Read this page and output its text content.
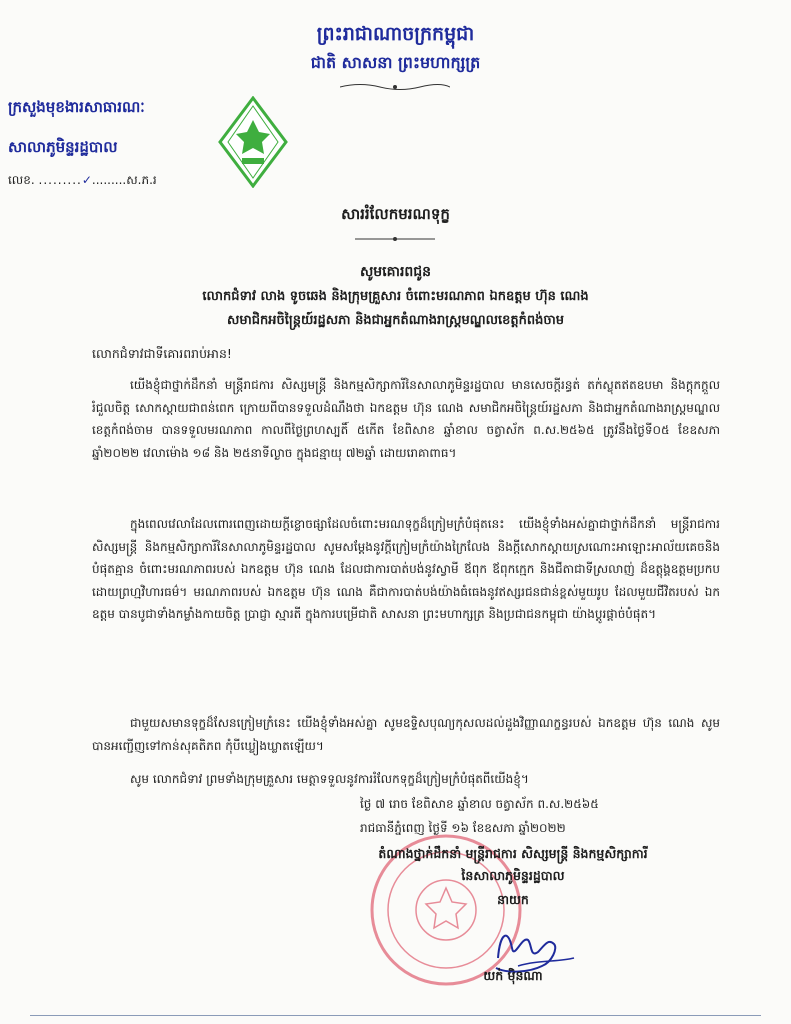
ព្រះរាជាណាចក្រកម្ពុជា
ជាតិ សាសនា ព្រះមហាក្សត្រ
ក្រសួងមុខងារសាធារណៈ
សាលាភូមិន្ទរដ្ឋបាល
លេខ. .........✓.........ស.ភ.រ
សាររំលែកមរណទុក្ខ
សូមគោរពជូន
លោកជំទាវ លាង ទូចឆេង និងក្រុមគ្រួសារ ចំពោះមរណភាព ឯកឧត្តម ហ៊ុន ណេង
សមាជិកអចិន្ត្រៃយ៍រដ្ឋសភា និងជាអ្នកតំណាងរាស្ត្រមណ្ឌលខេត្តកំពង់ចាម
លោកជំទាវជាទីគោរពរាប់អាន!
យើងខ្ញុំជាថ្នាក់ដឹកនាំ មន្ត្រីរាជការ សិស្សមន្ត្រី និងកម្មសិក្សាការីនៃសាលាភូមិន្ទរដ្ឋបាល មានសេចក្ដីរន្ធត់ តក់ស្លុតឥតឧបមា និងក្ដុកក្ដួលរំជួលចិត្ត សោកស្ដាយជាពន់ពេក ក្រោយពីបានទទួលដំណឹងថា ឯកឧត្តម ហ៊ុន ណេង សមាជិកអចិន្ត្រៃយ៍រដ្ឋសភា និងជាអ្នកតំណាងរាស្ត្រមណ្ឌលខេត្តកំពង់ចាម បានទទួលមរណភាព កាលពីថ្ងៃព្រហស្បតិ៍ ៥កើត ខែពិសាខ ឆ្នាំខាល ចត្វាស័ក ព.ស.២៥៦៥ ត្រូវនឹងថ្ងៃទី០៥ ខែឧសភា ឆ្នាំ២០២២ វេលាម៉ោង ១៨ និង ២៥នាទីល្ងាច ក្នុងជន្មាយុ ៧២ឆ្នាំ ដោយរោគាពាធ។
ក្នុងពេលវេលាដែលពោរពេញដោយក្ដីខ្លោចផ្សាដែលចំពោះមរណទុក្ខដ៏ក្រៀមក្រំបំផុតនេះ យើងខ្ញុំទាំងអស់គ្នាជាថ្នាក់ដឹកនាំ មន្ត្រីរាជការ សិស្សមន្ត្រី និងកម្មសិក្សាការីនៃសាលាភូមិន្ទរដ្ឋបាល សូមសម្ដែងនូវក្ដីក្រៀមក្រំយ៉ាងក្រៃលែង និងក្ដីសោកស្ដាយស្រណោះអាឡោះអាល័យគេចនិងបំផុតគ្មាន ចំពោះមរណភាពរបស់ ឯកឧត្តម ហ៊ុន ណេង ដែលជាការបាត់បង់នូវស្វាមី ឪពុក ឪពុកក្មេក និងជីតាជាទីស្រលាញ់ ដ៏ឧត្ដុង្គឧត្ដមប្រកបដោយព្រហ្មវិហារធម៌។ មរណភាពរបស់ ឯកឧត្តម ហ៊ុន ណេង គឺជាការបាត់បង់យ៉ាងធំធេងនូវឥស្សរជនជាន់ខ្ពស់មួយរូប ដែលមួយជីវិតរបស់ ឯកឧត្តម បានបូជាទាំងកម្លាំងកាយចិត្ត ប្រាជ្ញា ស្មារតី ក្នុងការបម្រើជាតិ សាសនា ព្រះមហាក្សត្រ និងប្រជាជនកម្ពុជា យ៉ាងប្ដូរផ្ដាច់បំផុត។
ជាមួយសមានទុក្ខដ៏សែនក្រៀមក្រំនេះ យើងខ្ញុំទាំងអស់គ្នា សូមឧទ្ទិសបុណ្យកុសលដល់ដួងវិញ្ញាណក្ខន្ធរបស់ ឯកឧត្តម ហ៊ុន ណេង សូមបានអញ្ជើញទៅកាន់សុគតិភព កុំបីឃ្លៀងឃ្លាតឡើយ។
សូម លោកជំទាវ ព្រមទាំងក្រុមគ្រួសារ មេត្តាទទួលនូវការរំលែកទុក្ខដ៏ក្រៀមក្រំបំផុតពីយើងខ្ញុំ។
ថ្ងៃ ៧ រោច ខែពិសាខ ឆ្នាំខាល ចត្វាស័ក ព.ស.២៥៦៥
រាជធានីភ្នំពេញ ថ្ងៃទី ១៦ ខែឧសភា ឆ្នាំ២០២២
តំណាងថ្នាក់ដឹកនាំ មន្ត្រីរាជការ សិស្សមន្ត្រី និងកម្មសិក្សាការី
នៃសាលាភូមិន្ទរដ្ឋបាល
នាយក
យក់ ម៉ិនណា
